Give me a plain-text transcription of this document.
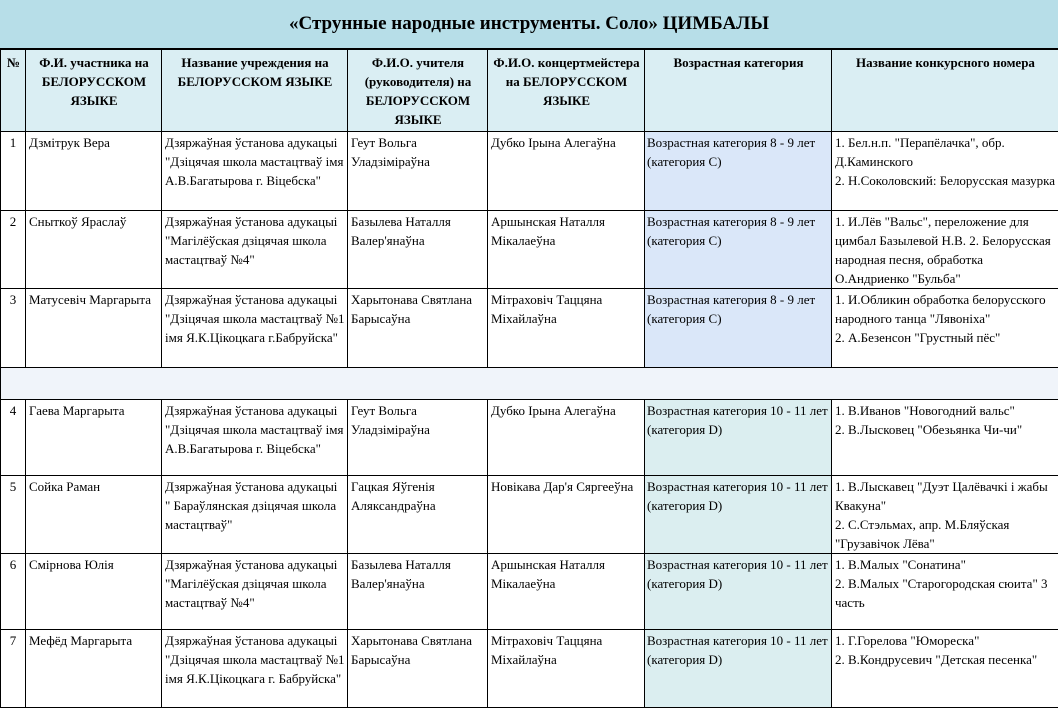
«Струнные народные инструменты. Соло» ЦИМБАЛЫ
№	Ф.И. участника на БЕЛОРУССКОМ ЯЗЫКЕ	Название учреждения на БЕЛОРУССКОМ ЯЗЫКЕ	Ф.И.О. учителя (руководителя) на БЕЛОРУССКОМ ЯЗЫКЕ	Ф.И.О. концертмейстера на БЕЛОРУССКОМ ЯЗЫКЕ	Возрастная категория	Название конкурсного номера
1	Дзмітрук Вера	Дзяржаўная ўстанова адукацыі "Дзіцячая школа мастацтваў імя А.В.Багатырова г. Віцебска"	Геут Вольга Уладзіміраўна	Дубко Ірына Алегаўна	Возрастная категория 8 - 9 лет (категория С)	1. Бел.н.п. "Перапёлачка", обр. Д.Каминского
2. Н.Соколовский: Белорусская мазурка

2	Сныткоў Яраслаў	Дзяржаўная ўстанова адукацыі "Магілёўская дзіцячая школа мастацтваў №4"	Базылева Наталля Валер'янаўна	Аршынская Наталля Мікалаеўна	Возрастная категория 8 - 9 лет (категория С)	1. И.Лёв "Вальс", переложение для цимбал Базылевой Н.В. 2. Белорусская народная песня, обработка О.Андриенко "Бульба"

3	Матусевіч Маргарыта	Дзяржаўная ўстанова адукацыі "Дзіцячая школа мастацтваў №1 імя Я.К.Цікоцкага г.Бабруйска"	Харытонава Святлана Барысаўна	Мітраховіч Таццяна Міхайлаўна	Возрастная категория 8 - 9 лет (категория С)	1. И.Обликин обработка белорусского народного танца "Лявоніха"
2. А.Безенсон "Грустный пёс"

4	Гаева Маргарыта	Дзяржаўная ўстанова адукацыі "Дзіцячая школа мастацтваў імя А.В.Багатырова г. Віцебска"	Геут Вольга Уладзіміраўна	Дубко Ірына Алегаўна	Возрастная категория 10 - 11 лет (категория D)	1. В.Иванов "Новогодний вальс"
2. В.Лысковец "Обезьянка Чи-чи"

5	Сойка Раман	Дзяржаўная ўстанова адукацыі " Бараўлянская дзіцячая школа мастацтваў"	Гацкая Яўгенія Аляксандраўна	Новікава Дар'я Сяргееўна	Возрастная категория 10 - 11 лет (категория D)	1. В.Лыскавец "Дуэт Цалёвачкі і жабы Квакуна"
2. С.Стэльмах, апр. М.Бляўская "Грузавічок Лёва"

6	Смірнова Юлія	Дзяржаўная ўстанова адукацыі "Магілёўская дзіцячая школа мастацтваў №4"	Базылева Наталля Валер'янаўна	Аршынская Наталля Мікалаеўна	Возрастная категория 10 - 11 лет (категория D)	1. В.Малых "Сонатина"
2. В.Малых "Старогородская сюита" 3 часть

7	Мефёд Маргарыта	Дзяржаўная ўстанова адукацыі "Дзіцячая школа мастацтваў №1 імя Я.К.Цікоцкага г. Бабруйска"	Харытонава Святлана Барысаўна	Мітраховіч Таццяна Міхайлаўна	Возрастная категория 10 - 11 лет (категория D)	1. Г.Горелова "Юмореска"
2. В.Кондрусевич "Детская песенка"
